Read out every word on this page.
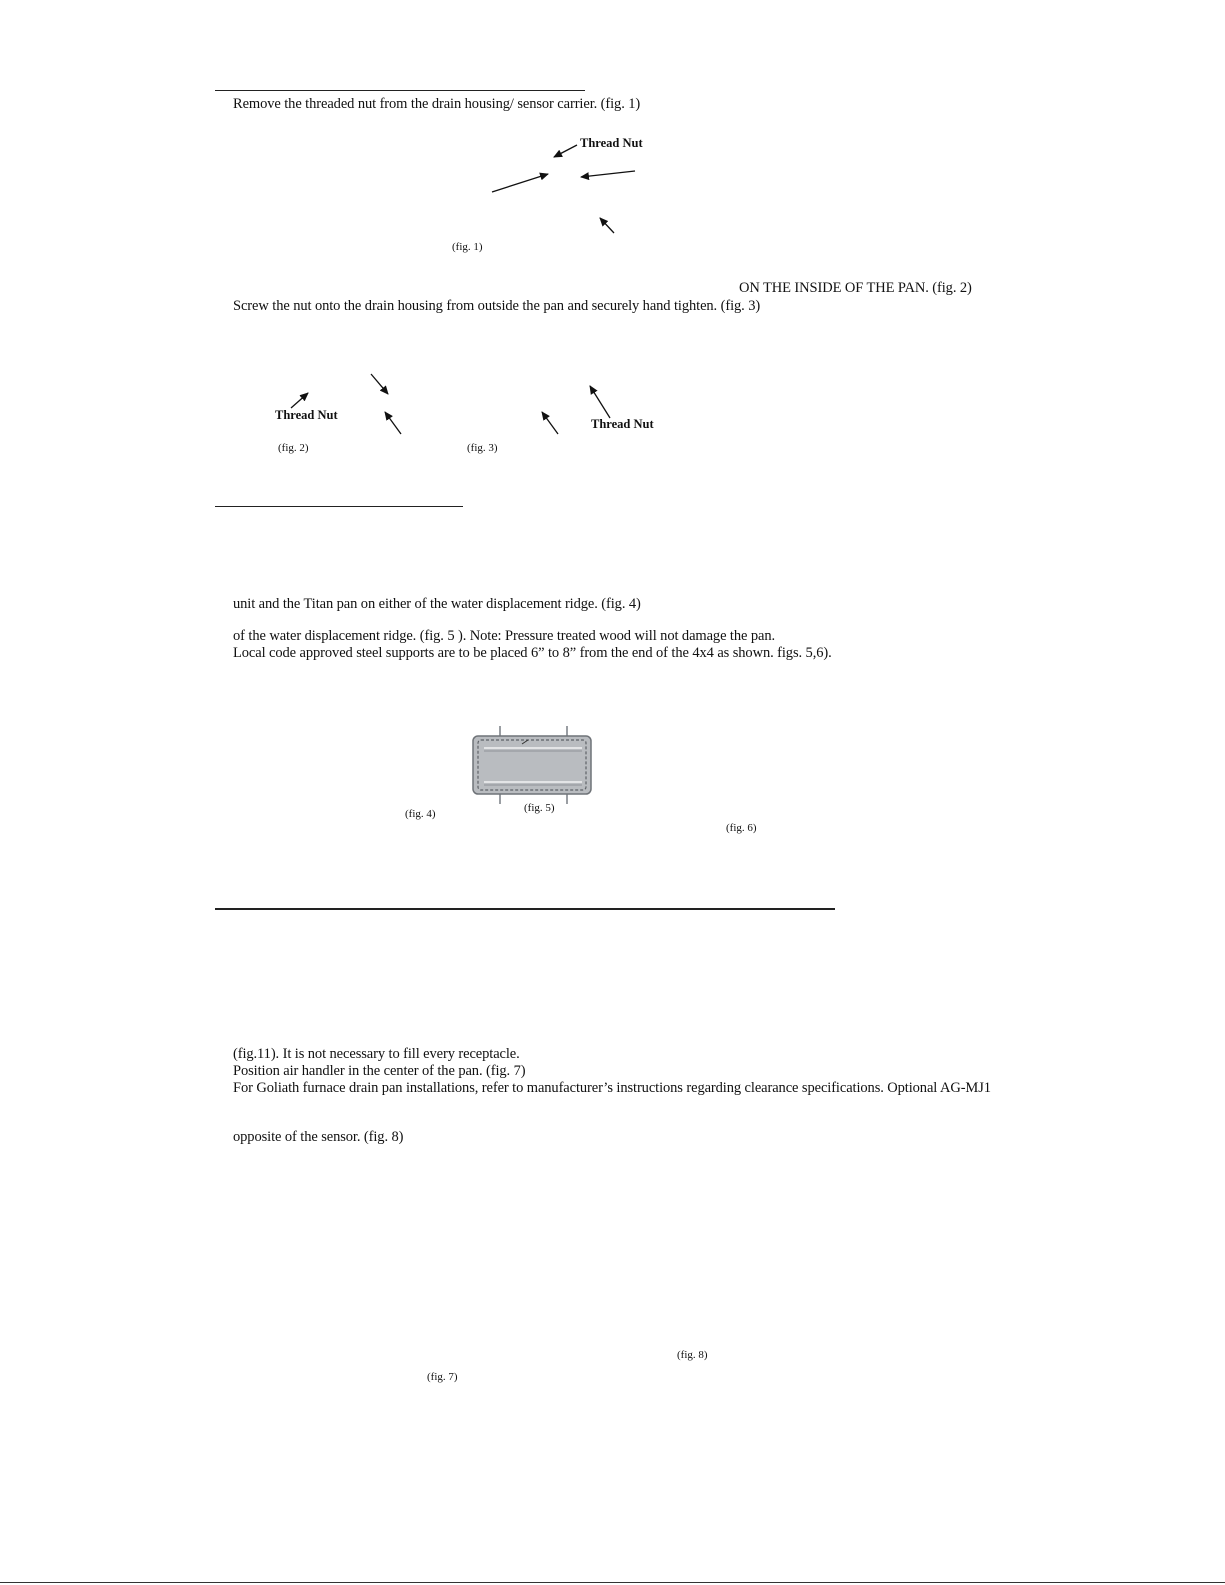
Remove the threaded nut from the drain housing/ sensor carrier. (fig. 1)
Thread Nut
(fig. 1)
ON THE INSIDE OF THE PAN. (fig. 2)
Screw the nut onto the drain housing from outside the pan and securely hand tighten. (fig. 3)
Thread Nut
Thread Nut
(fig. 2)	(fig. 3)
unit and the Titan pan on either of the water displacement ridge. (fig. 4)
of the water displacement ridge. (fig. 5 ). Note: Pressure treated wood will not damage the pan.
Local code approved steel supports are to be placed 6” to 8” from the end of the 4x4 as shown. figs. 5,6).
(fig. 4)	(fig. 5)
(fig. 6)
(fig.11). It is not necessary to fill every receptacle.
Position air handler in the center of the pan. (fig. 7)
For Goliath furnace drain pan installations, refer to manufacturer’s instructions regarding clearance specifications. Optional AG-MJ1
opposite of the sensor. (fig. 8)
(fig. 8)
(fig. 7)
